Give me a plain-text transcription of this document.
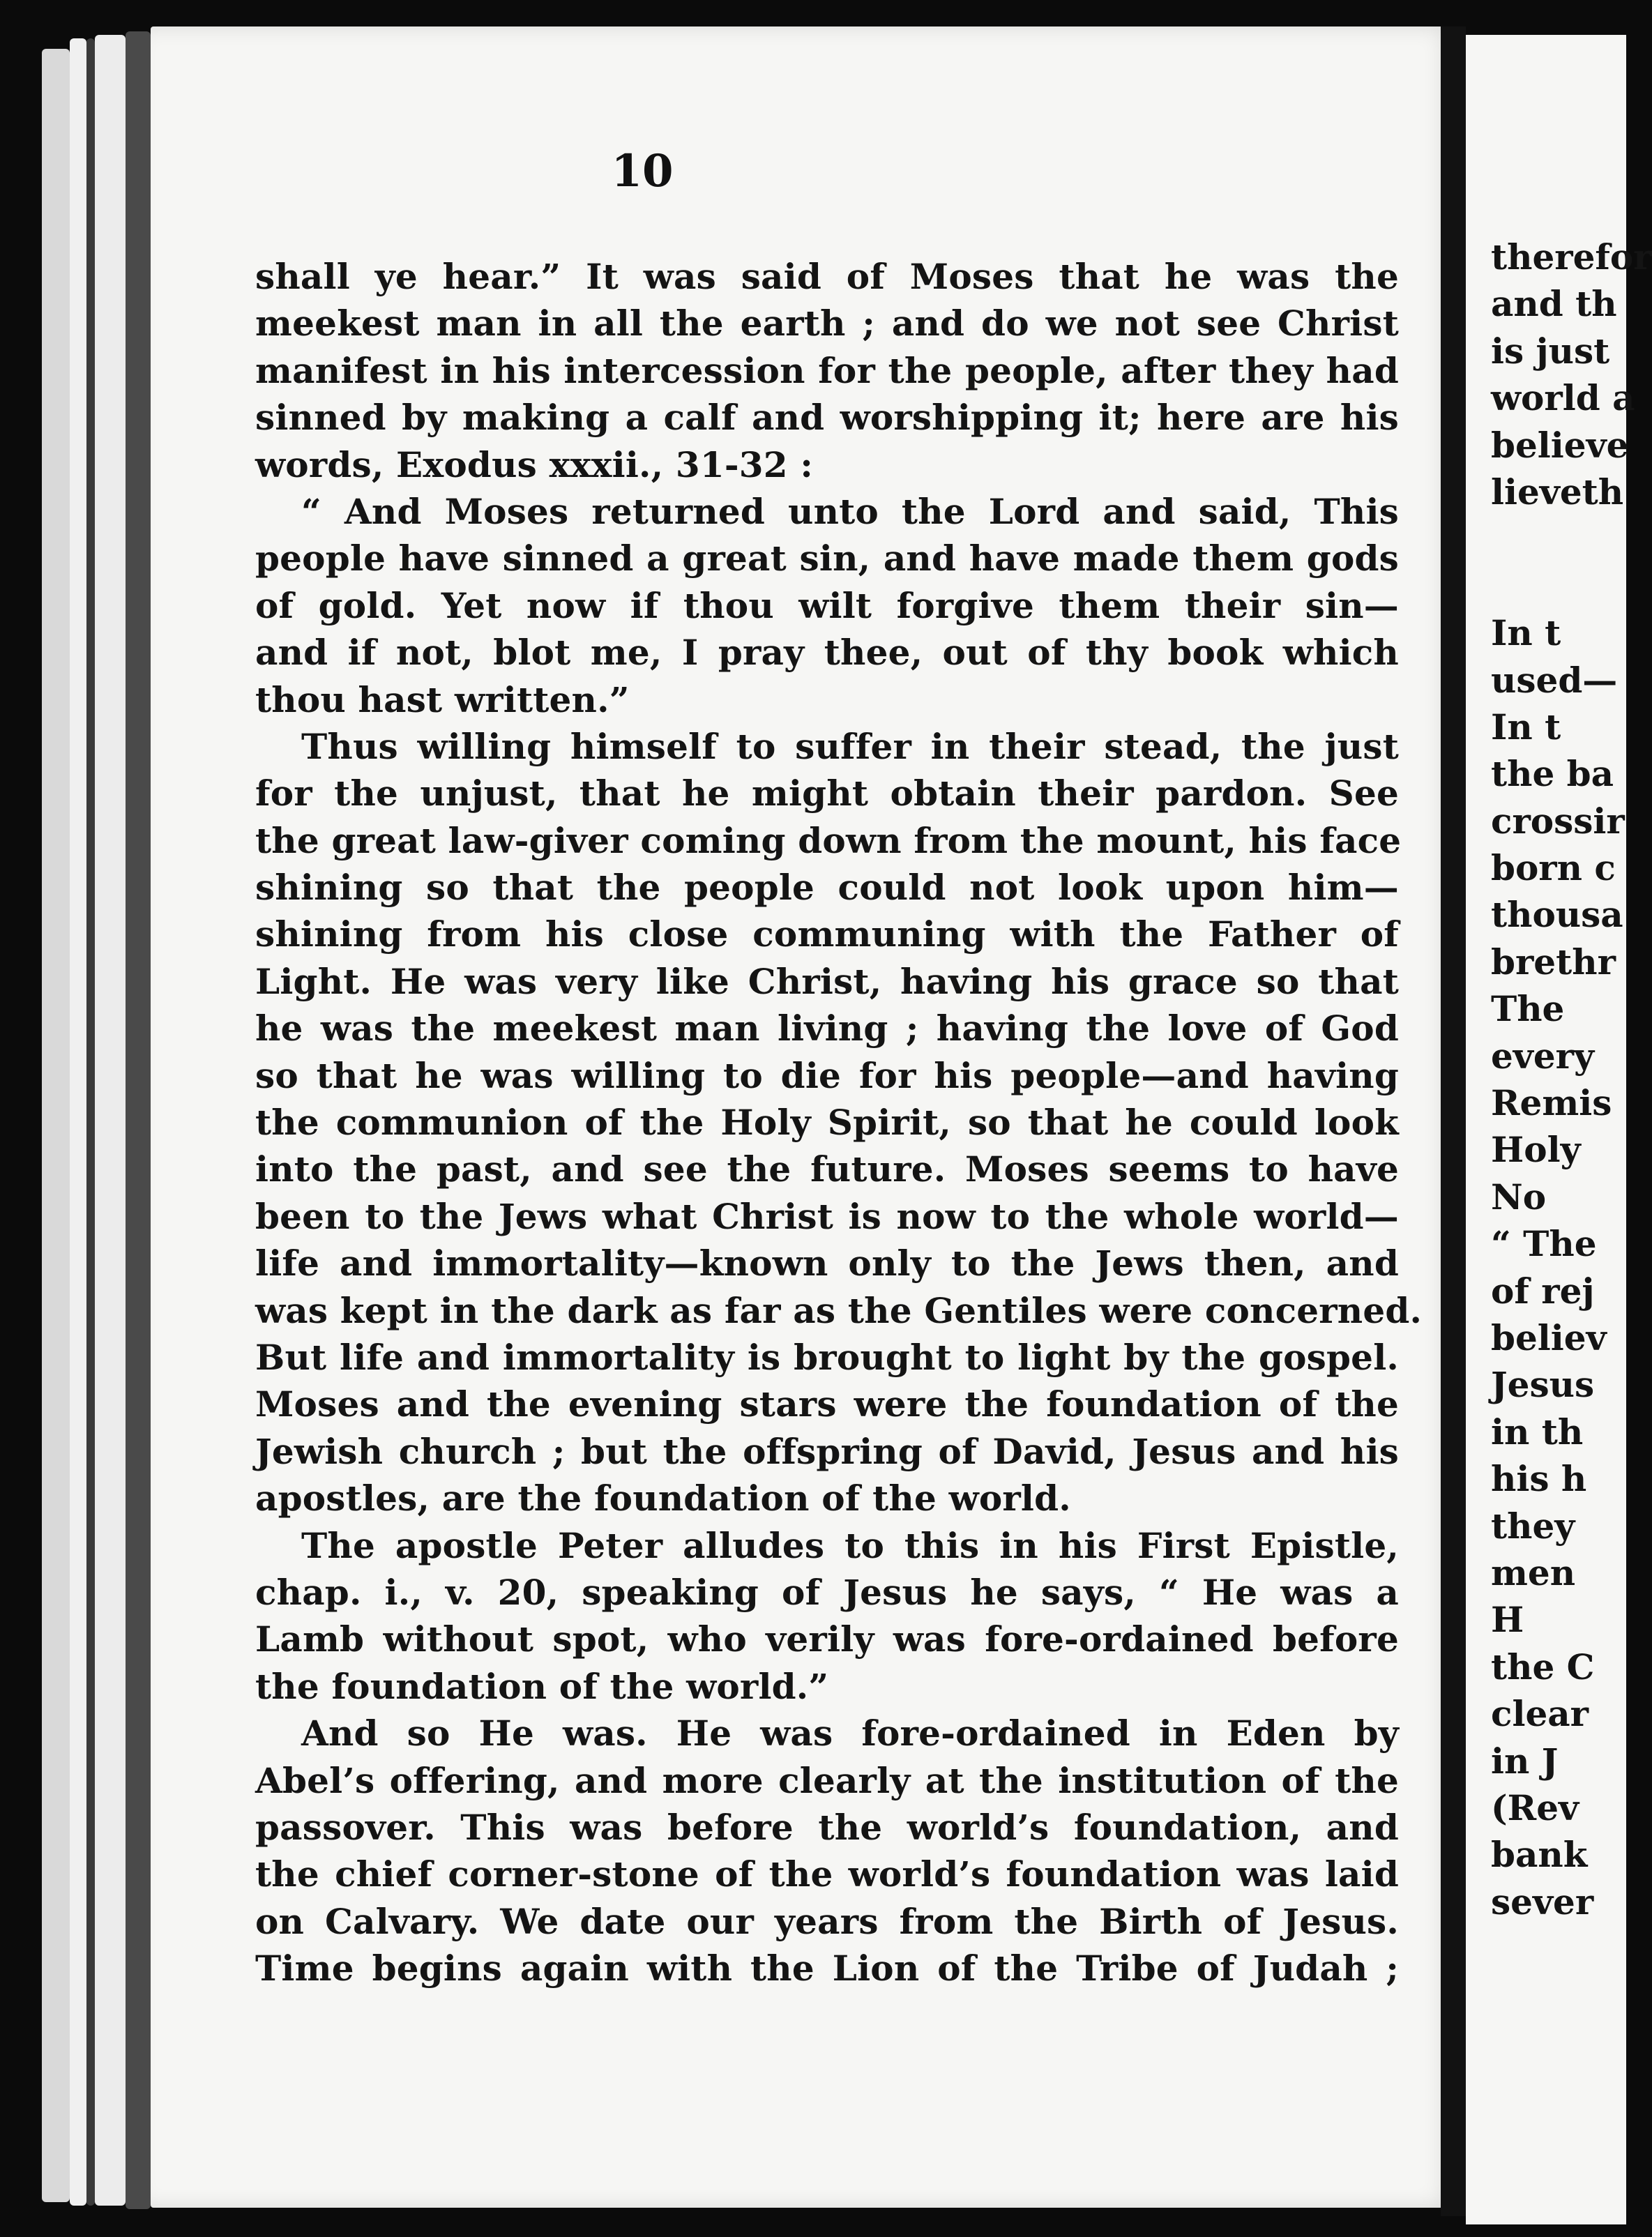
10
shall ye hear.” It was said of Moses that he was the
meekest man in all the earth ; and do we not see Christ
manifest in his intercession for the people, after they had
sinned by making a calf and worshipping it; here are his
words, Exodus xxxii., 31-32 :
“ And Moses returned unto the Lord and said, This
people have sinned a great sin, and have made them gods
of gold. Yet now if thou wilt forgive them their sin—
and if not, blot me, I pray thee, out of thy book which
thou hast written.”
Thus willing himself to suffer in their stead, the just
for the unjust, that he might obtain their pardon. See
the great law-giver coming down from the mount, his face
shining so that the people could not look upon him—
shining from his close communing with the Father of
Light. He was very like Christ, having his grace so that
he was the meekest man living ; having the love of God
so that he was willing to die for his people—and having
the communion of the Holy Spirit, so that he could look
into the past, and see the future. Moses seems to have
been to the Jews what Christ is now to the whole world—
life and immortality—known only to the Jews then, and
was kept in the dark as far as the Gentiles were concerned.
But life and immortality is brought to light by the gospel.
Moses and the evening stars were the foundation of the
Jewish church ; but the offspring of David, Jesus and his
apostles, are the foundation of the world.
The apostle Peter alludes to this in his First Epistle,
chap. i., v. 20, speaking of Jesus he says, “ He was a
Lamb without spot, who verily was fore-ordained before
the foundation of the world.”
And so He was. He was fore-ordained in Eden by
Abel’s offering, and more clearly at the institution of the
passover. This was before the world’s foundation, and
the chief corner-stone of the world’s foundation was laid
on Calvary. We date our years from the Birth of Jesus.
Time begins again with the Lion of the Tribe of Judah ;
therefor
and th
is just
world a
believe
lieveth
In t
used—
In t
the ba
crossir
born c
thousa
brethr
The
every
Remis
Holy
No
“ The
of rej
believ
Jesus
in th
his h
they
men
H
the C
clear
in J
(Rev
bank
sever
